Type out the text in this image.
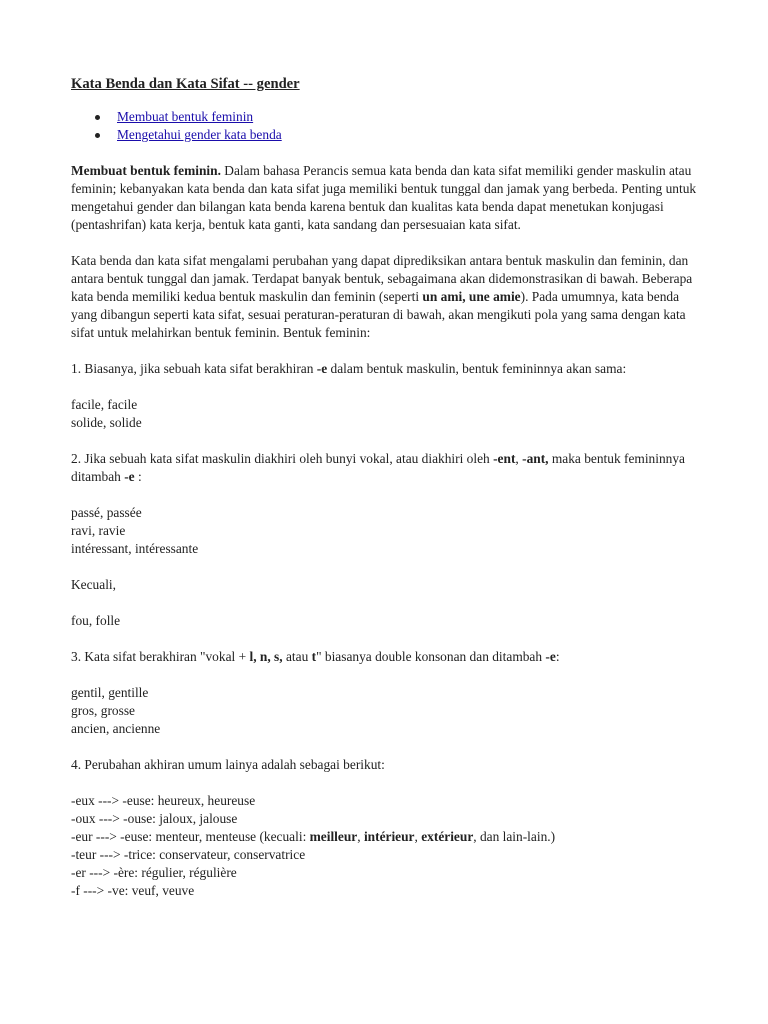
Kata Benda dan Kata Sifat -- gender
Membuat bentuk feminin
Mengetahui gender kata benda

Membuat bentuk feminin. Dalam bahasa Perancis semua kata benda dan kata sifat memiliki gender maskulin atau feminin; kebanyakan kata benda dan kata sifat juga memiliki bentuk tunggal dan jamak yang berbeda. Penting untuk mengetahui gender dan bilangan kata benda karena bentuk dan kualitas kata benda dapat menetukan konjugasi (pentashrifan) kata kerja, bentuk kata ganti, kata sandang dan persesuaian kata sifat.

Kata benda dan kata sifat mengalami perubahan yang dapat diprediksikan antara bentuk maskulin dan feminin, dan antara bentuk tunggal dan jamak. Terdapat banyak bentuk, sebagaimana akan didemonstrasikan di bawah. Beberapa kata benda memiliki kedua bentuk maskulin dan feminin (seperti un ami, une amie). Pada umumnya, kata benda yang dibangun seperti kata sifat, sesuai peraturan-peraturan di bawah, akan mengikuti pola yang sama dengan kata sifat untuk melahirkan bentuk feminin. Bentuk feminin:

1. Biasanya, jika sebuah kata sifat berakhiran -e dalam bentuk maskulin, bentuk femininnya akan sama:

facile, facile

solide, solide

2. Jika sebuah kata sifat maskulin diakhiri oleh bunyi vokal, atau diakhiri oleh -ent, -ant, maka bentuk femininnya ditambah -e :

passé, passée

ravi, ravie

intéressant, intéressante

Kecuali,

fou, folle

3. Kata sifat berakhiran "vokal + l, n, s, atau t" biasanya double konsonan dan ditambah -e:

gentil, gentille

gros, grosse

ancien, ancienne

4. Perubahan akhiran umum lainya adalah sebagai berikut:

-eux ---> -euse: heureux, heureuse

-oux ---> -ouse: jaloux, jalouse

-eur ---> -euse: menteur, menteuse (kecuali: meilleur, intérieur, extérieur, dan lain-lain.)

-teur ---> -trice: conservateur, conservatrice

-er ---> -ère: régulier, régulière

-f ---> -ve: veuf, veuve
